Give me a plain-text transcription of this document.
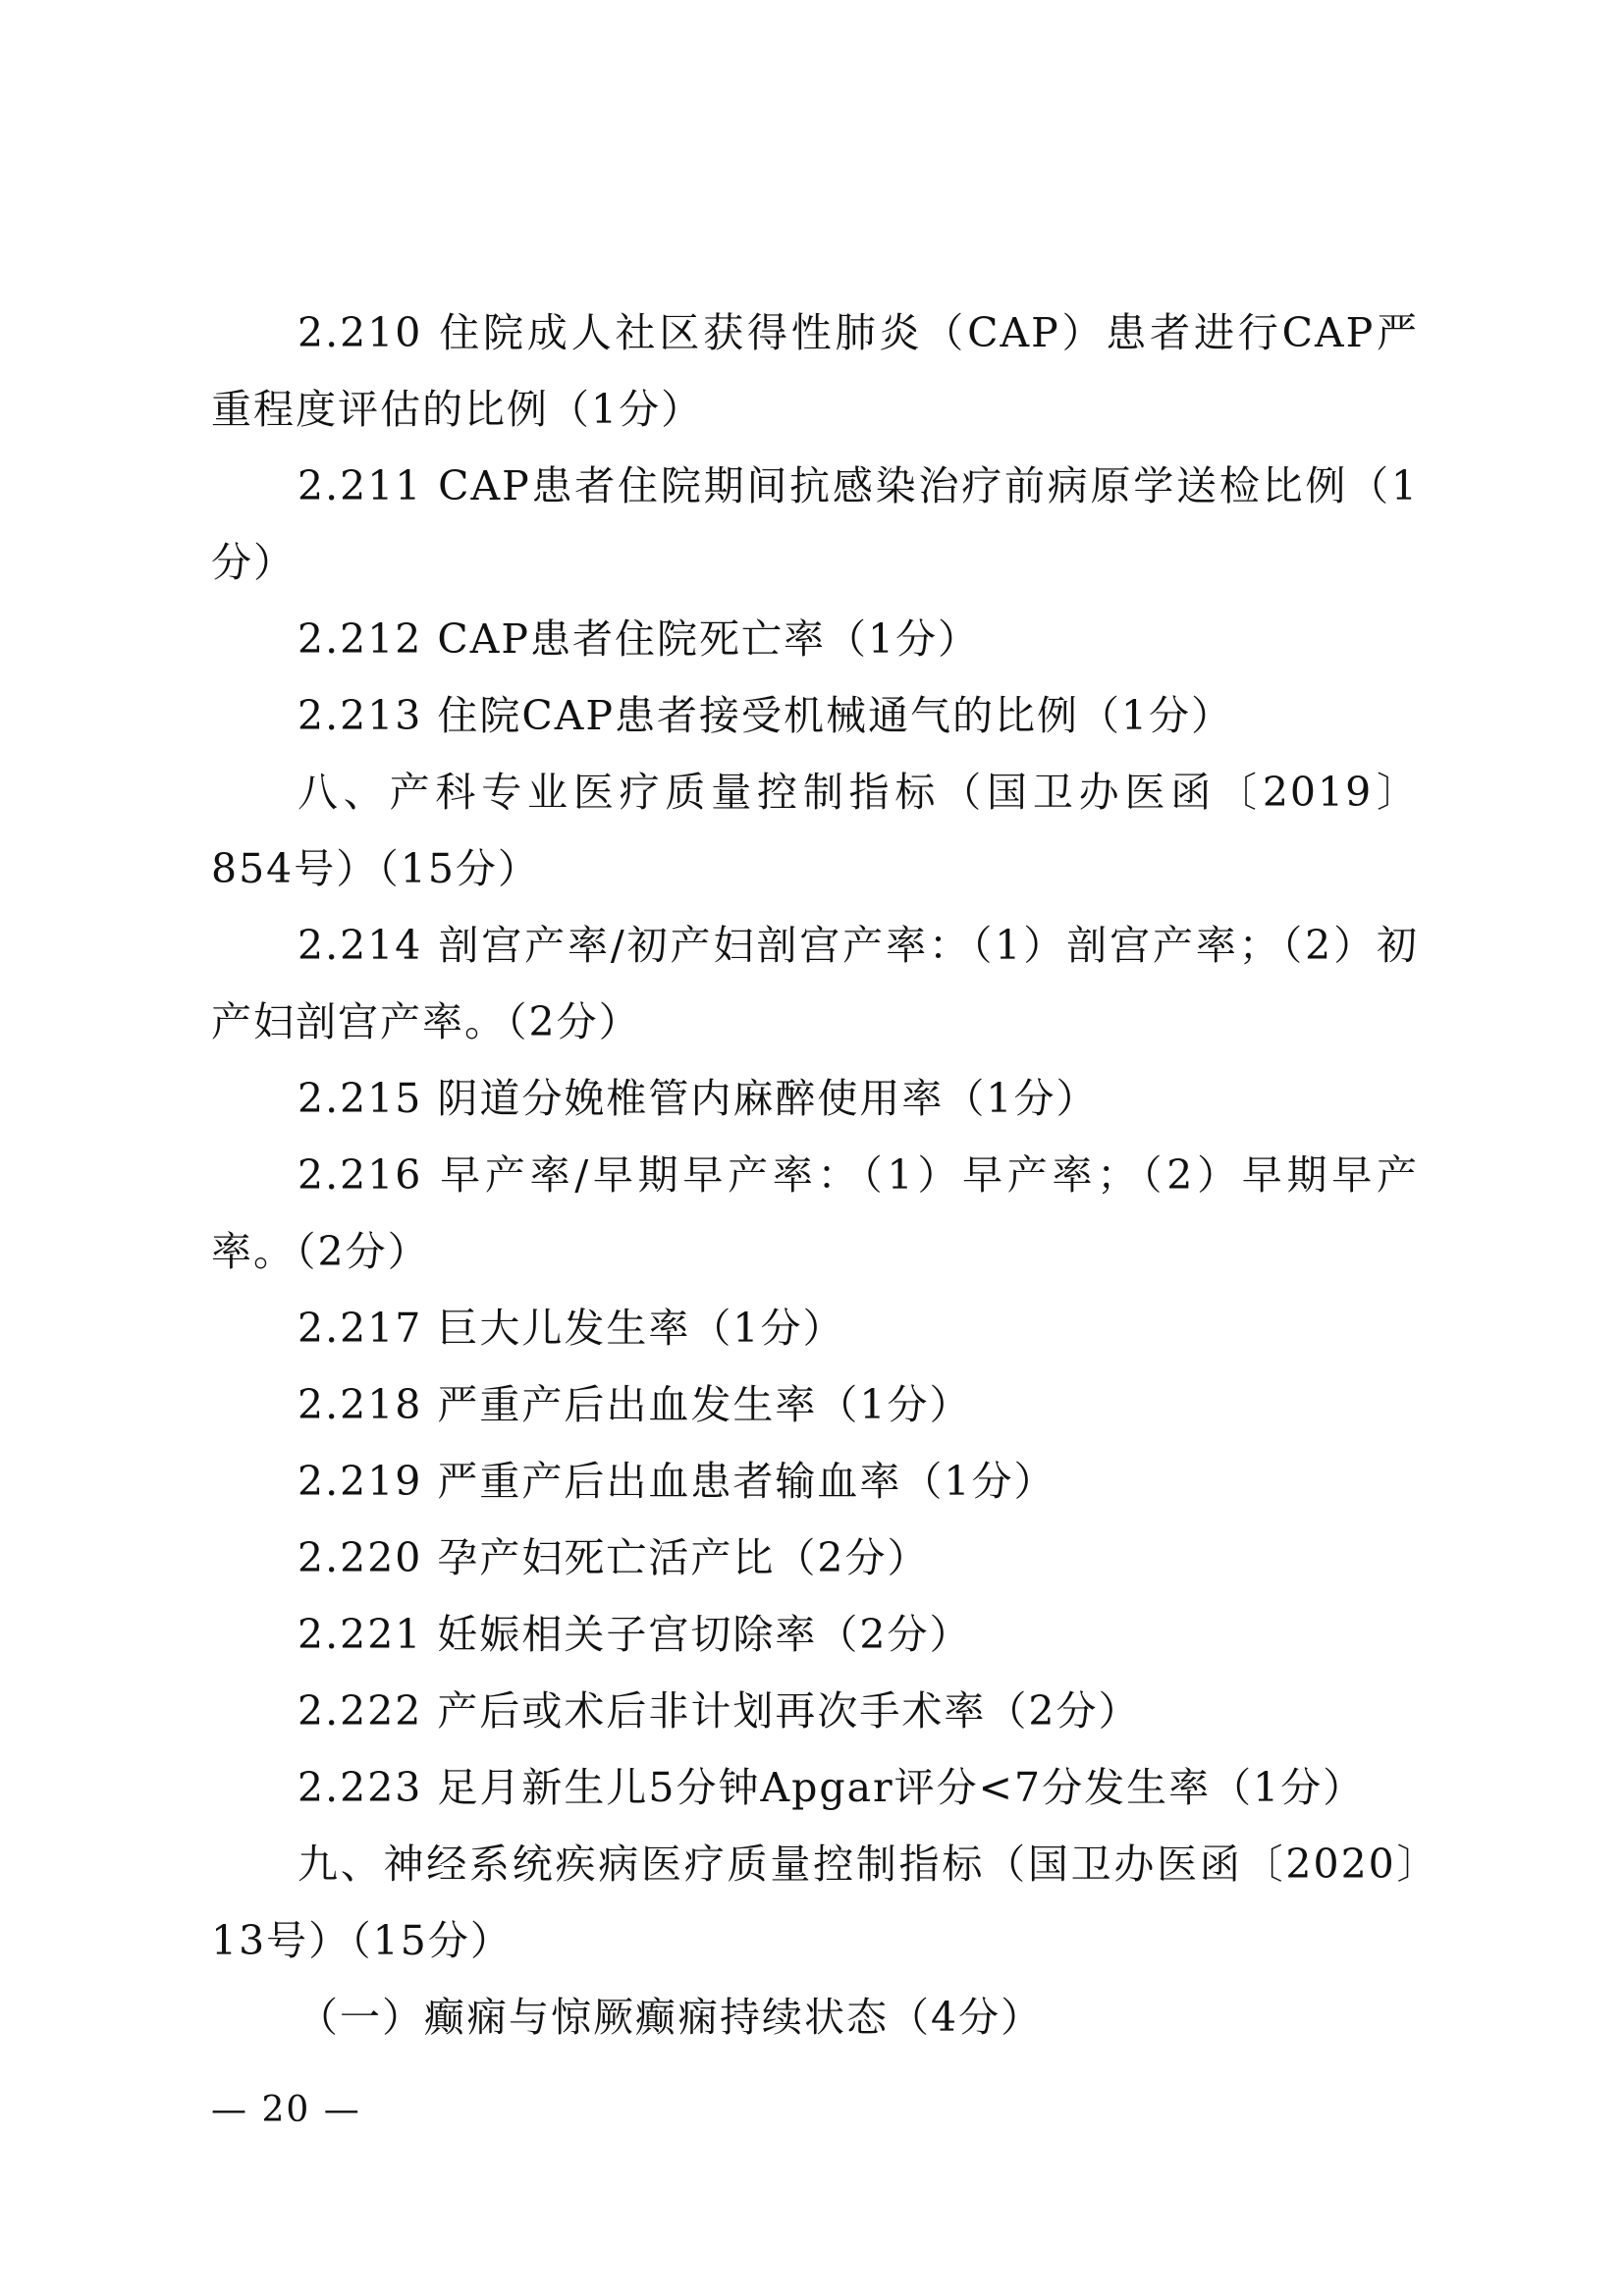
2.210 住院成人社区获得性肺炎（CAP）患者进行CAP严重程度评估的比例（1分）

2.211 CAP患者住院期间抗感染治疗前病原学送检比例（1分）

2.212 CAP患者住院死亡率（1分）

2.213 住院CAP患者接受机械通气的比例（1分）

八、产科专业医疗质量控制指标（国卫办医函〔2019〕854号）（15分）

2.214 剖宫产率/初产妇剖宫产率：（1）剖宫产率；（2）初产妇剖宫产率。（2分）

2.215 阴道分娩椎管内麻醉使用率（1分）

2.216 早产率/早期早产率：（1）早产率；（2）早期早产率。（2分）

2.217 巨大儿发生率（1分）

2.218 严重产后出血发生率（1分）

2.219 严重产后出血患者输血率（1分）

2.220 孕产妇死亡活产比（2分）

2.221 妊娠相关子宫切除率（2分）

2.222 产后或术后非计划再次手术率（2分）

2.223 足月新生儿5分钟Apgar评分<7分发生率（1分）

九、神经系统疾病医疗质量控制指标（国卫办医函〔2020〕13号）（15分）

（一）癫痫与惊厥癫痫持续状态（4分）

— 20 —
